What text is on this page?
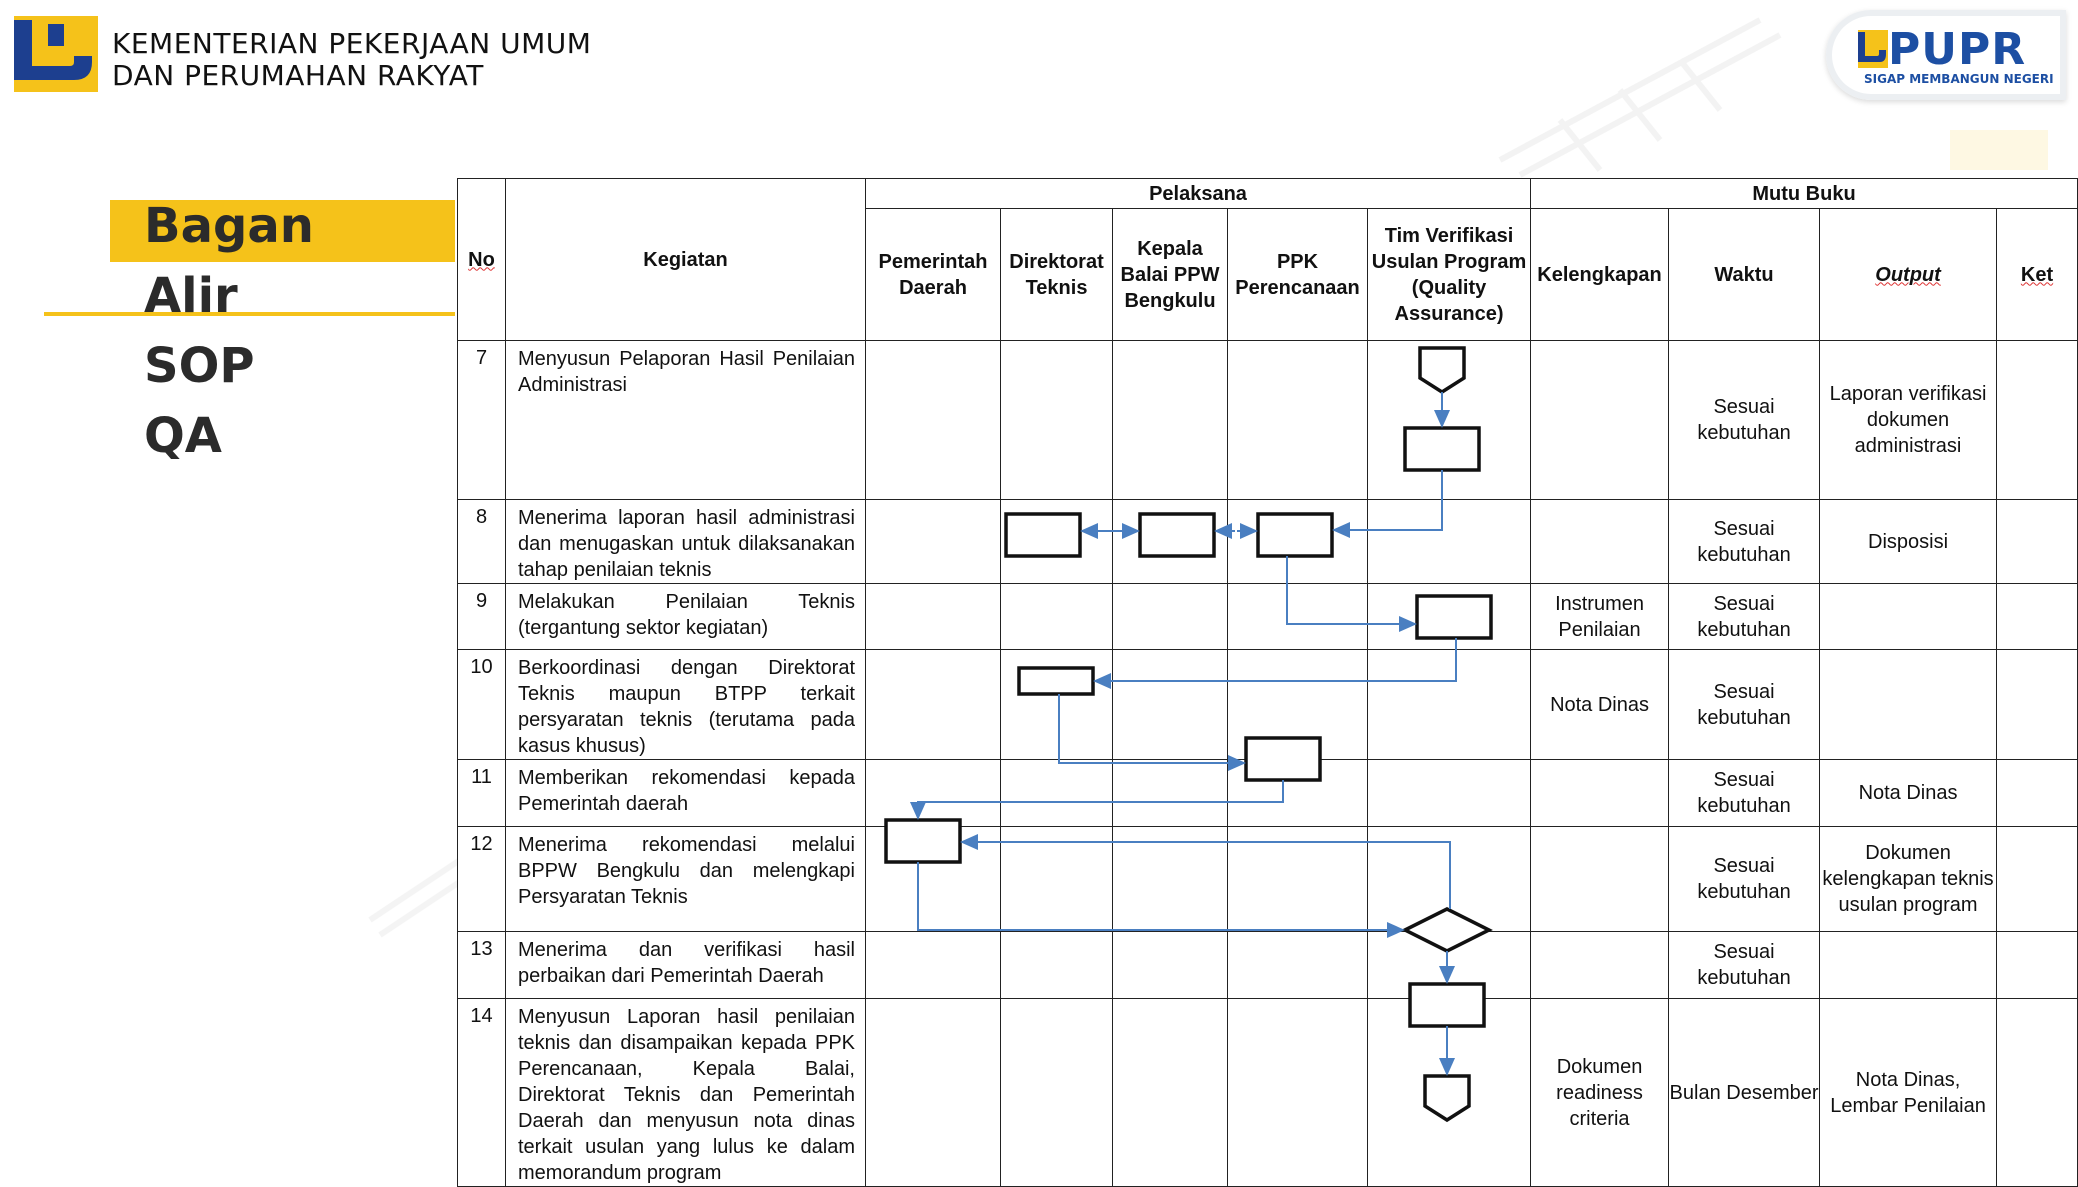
KEMENTERIAN PEKERJAAN UMUM
DAN PERUMAHAN RAKYAT
PUPR
SIGAP MEMBANGUN NEGERI
Bagan
Alir
SOP
QA
No	Kegiatan	Pelaksana					Mutu Buku			
		Pemerintah Daerah	Direktorat Teknis	Kepala Balai PPW Bengkulu	PPK Perencanaan	Tim Verifikasi Usulan Program (Quality Assurance)	Kelengkapan	Waktu	Output	Ket
7	Menyusun Pelaporan Hasil Penilaian Administrasi							Sesuai kebutuhan	Laporan verifikasi dokumen administrasi	
8	Menerima laporan hasil administrasi dan menugaskan untuk dilaksanakan tahap penilaian teknis							Sesuai kebutuhan	Disposisi	
9	Melakukan Penilaian Teknis (tergantung sektor kegiatan)						Instrumen Penilaian	Sesuai kebutuhan		
10	Berkoordinasi dengan Direktorat Teknis maupun BTPP terkait persyaratan teknis (terutama pada kasus khusus)						Nota Dinas	Sesuai kebutuhan		
11	Memberikan rekomendasi kepada Pemerintah daerah							Sesuai kebutuhan	Nota Dinas	
12	Menerima rekomendasi melalui BPPW Bengkulu dan melengkapi Persyaratan Teknis							Sesuai kebutuhan	Dokumen kelengkapan teknis usulan program	
13	Menerima dan verifikasi hasil perbaikan dari Pemerintah Daerah							Sesuai kebutuhan		
14	Menyusun Laporan hasil penilaian teknis dan disampaikan kepada PPK Perencanaan, Kepala Balai, Direktorat Teknis dan Pemerintah Daerah dan menyusun nota dinas terkait usulan yang lulus ke dalam memorandum program						Dokumen readiness criteria	Bulan Desember	Nota Dinas, Lembar Penilaian	
